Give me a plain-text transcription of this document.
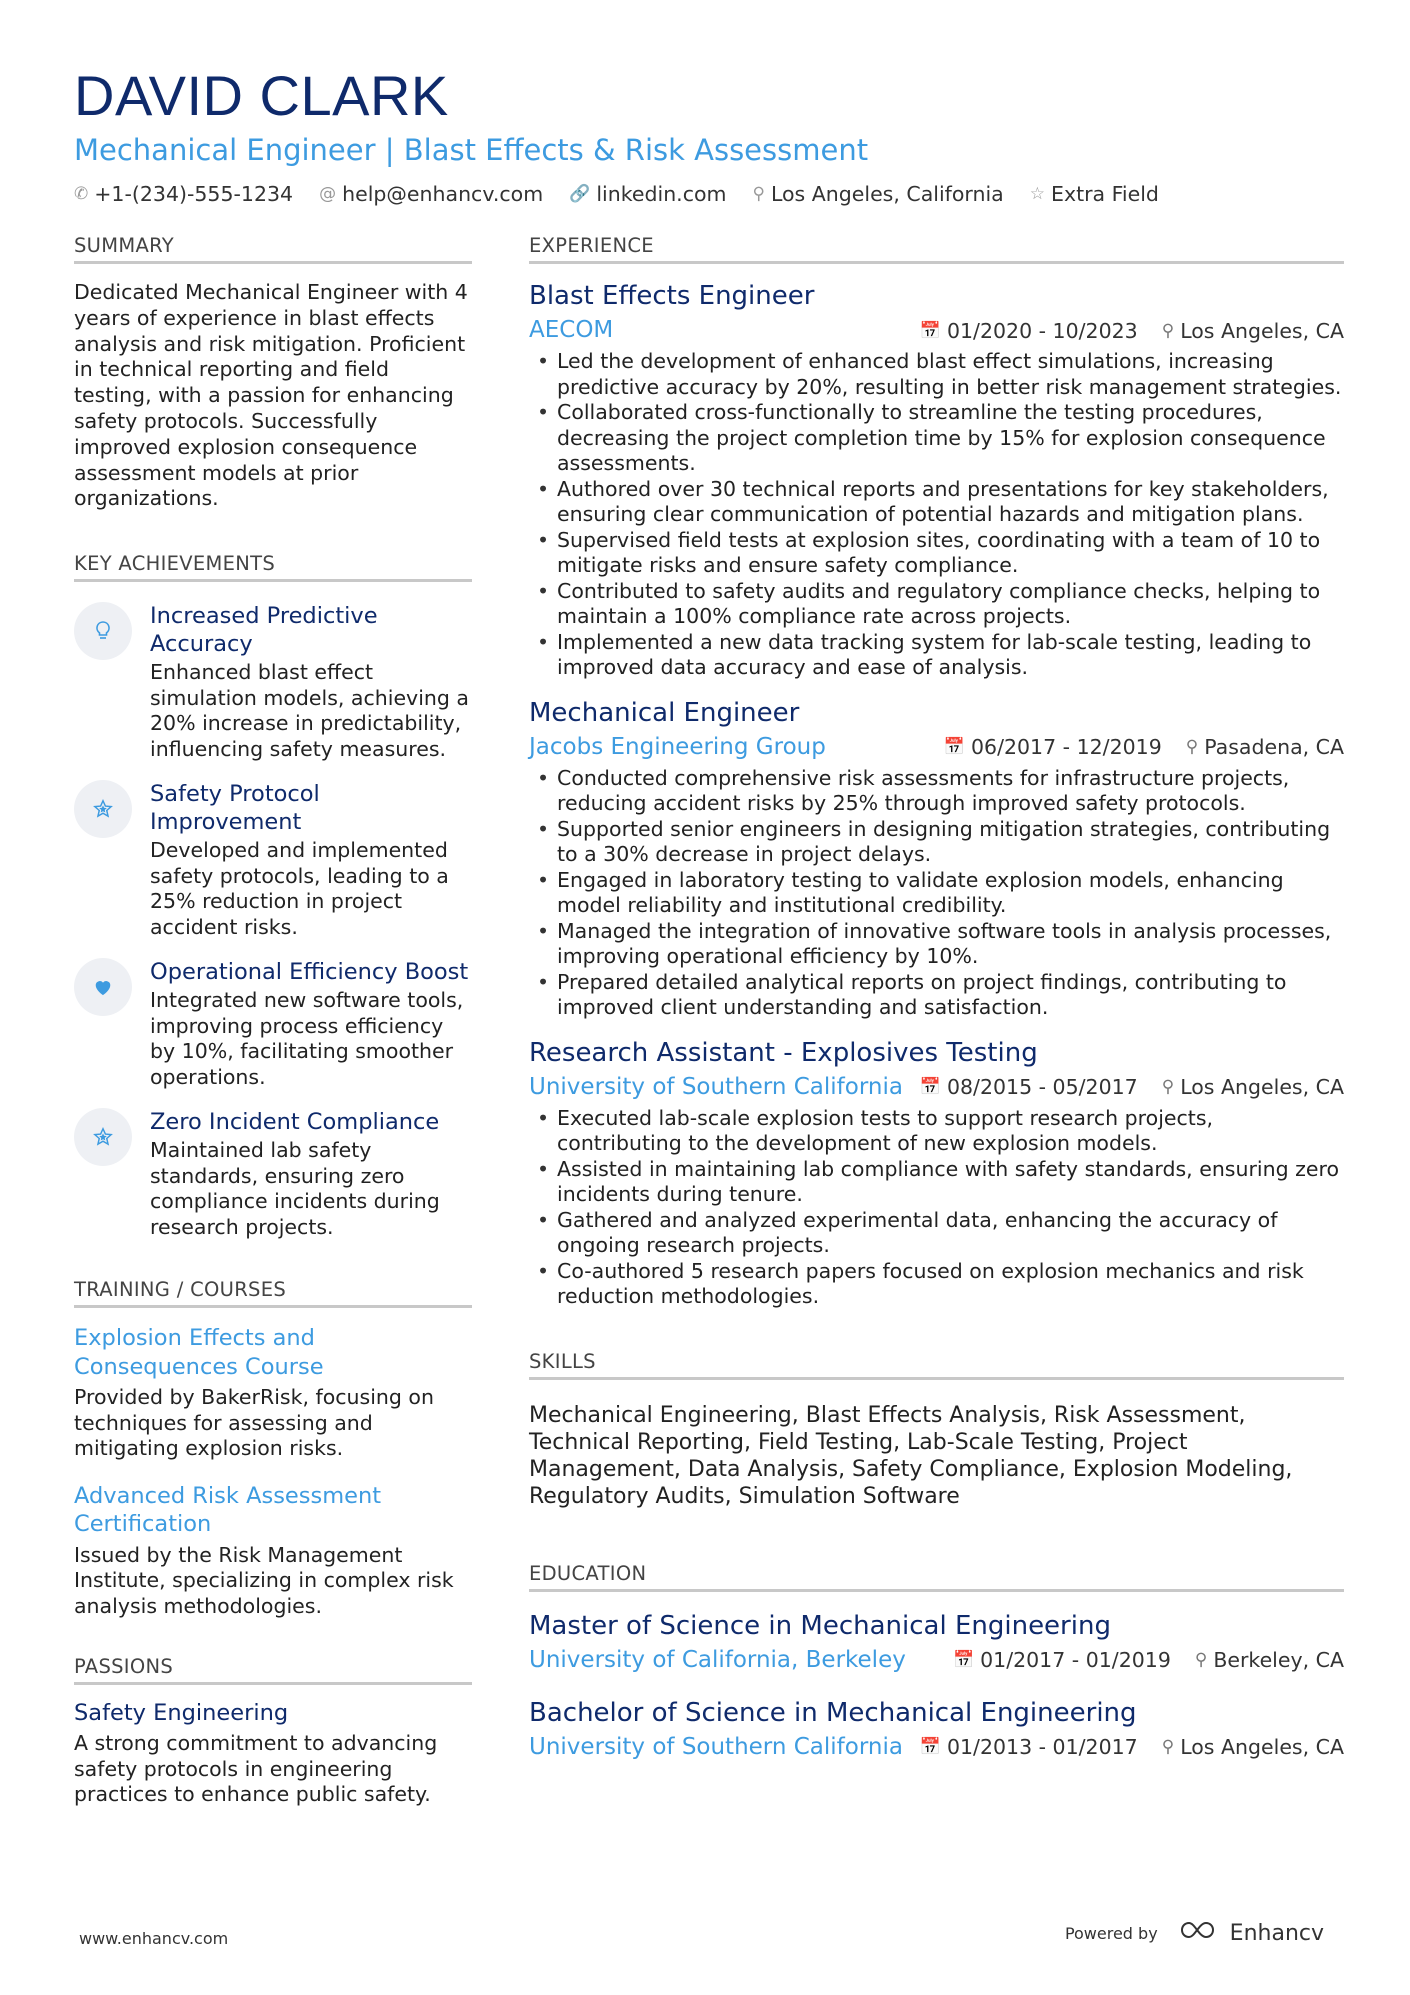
DAVID CLARK
Mechanical Engineer | Blast Effects & Risk Assessment
✆ +1-(234)-555-1234 @ help@enhancv.com 🔗 linkedin.com ⚲ Los Angeles, California ☆ Extra Field
SUMMARY
Dedicated Mechanical Engineer with 4 years of experience in blast effects analysis and risk mitigation. Proficient in technical reporting and field testing, with a passion for enhancing safety protocols. Successfully improved explosion consequence assessment models at prior organizations.
KEY ACHIEVEMENTS
Increased Predictive Accuracy
Enhanced blast effect simulation models, achieving a 20% increase in predictability, influencing safety measures.
Safety Protocol Improvement
Developed and implemented safety protocols, leading to a 25% reduction in project accident risks.
Operational Efficiency Boost
Integrated new software tools, improving process efficiency by 10%, facilitating smoother operations.
Zero Incident Compliance
Maintained lab safety standards, ensuring zero compliance incidents during research projects.
TRAINING / COURSES
Explosion Effects and Consequences Course
Provided by BakerRisk, focusing on techniques for assessing and mitigating explosion risks.
Advanced Risk Assessment Certification
Issued by the Risk Management Institute, specializing in complex risk analysis methodologies.
PASSIONS
Safety Engineering
A strong commitment to advancing safety protocols in engineering practices to enhance public safety.
EXPERIENCE
Blast Effects Engineer
AECOM	📅 01/2020 - 10/2023 ⚲ Los Angeles, CA
• Led the development of enhanced blast effect simulations, increasing predictive accuracy by 20%, resulting in better risk management strategies.
• Collaborated cross-functionally to streamline the testing procedures, decreasing the project completion time by 15% for explosion consequence assessments.
• Authored over 30 technical reports and presentations for key stakeholders, ensuring clear communication of potential hazards and mitigation plans.
• Supervised field tests at explosion sites, coordinating with a team of 10 to mitigate risks and ensure safety compliance.
• Contributed to safety audits and regulatory compliance checks, helping to maintain a 100% compliance rate across projects.
• Implemented a new data tracking system for lab-scale testing, leading to improved data accuracy and ease of analysis.
Mechanical Engineer
Jacobs Engineering Group	📅 06/2017 - 12/2019 ⚲ Pasadena, CA
• Conducted comprehensive risk assessments for infrastructure projects, reducing accident risks by 25% through improved safety protocols.
• Supported senior engineers in designing mitigation strategies, contributing to a 30% decrease in project delays.
• Engaged in laboratory testing to validate explosion models, enhancing model reliability and institutional credibility.
• Managed the integration of innovative software tools in analysis processes, improving operational efficiency by 10%.
• Prepared detailed analytical reports on project findings, contributing to improved client understanding and satisfaction.
Research Assistant - Explosives Testing
University of Southern California 📅 08/2015 - 05/2017 ⚲ Los Angeles, CA
• Executed lab-scale explosion tests to support research projects, contributing to the development of new explosion models.
• Assisted in maintaining lab compliance with safety standards, ensuring zero incidents during tenure.
• Gathered and analyzed experimental data, enhancing the accuracy of ongoing research projects.
• Co-authored 5 research papers focused on explosion mechanics and risk reduction methodologies.
SKILLS
Mechanical Engineering, Blast Effects Analysis, Risk Assessment, Technical Reporting, Field Testing, Lab-Scale Testing, Project Management, Data Analysis, Safety Compliance, Explosion Modeling, Regulatory Audits, Simulation Software
EDUCATION
Master of Science in Mechanical Engineering
University of California, Berkeley	📅 01/2017 - 01/2019 ⚲ Berkeley, CA
Bachelor of Science in Mechanical Engineering
University of Southern California 📅 01/2013 - 01/2017 ⚲ Los Angeles, CA
www.enhancv.com	Powered by	Enhancv
